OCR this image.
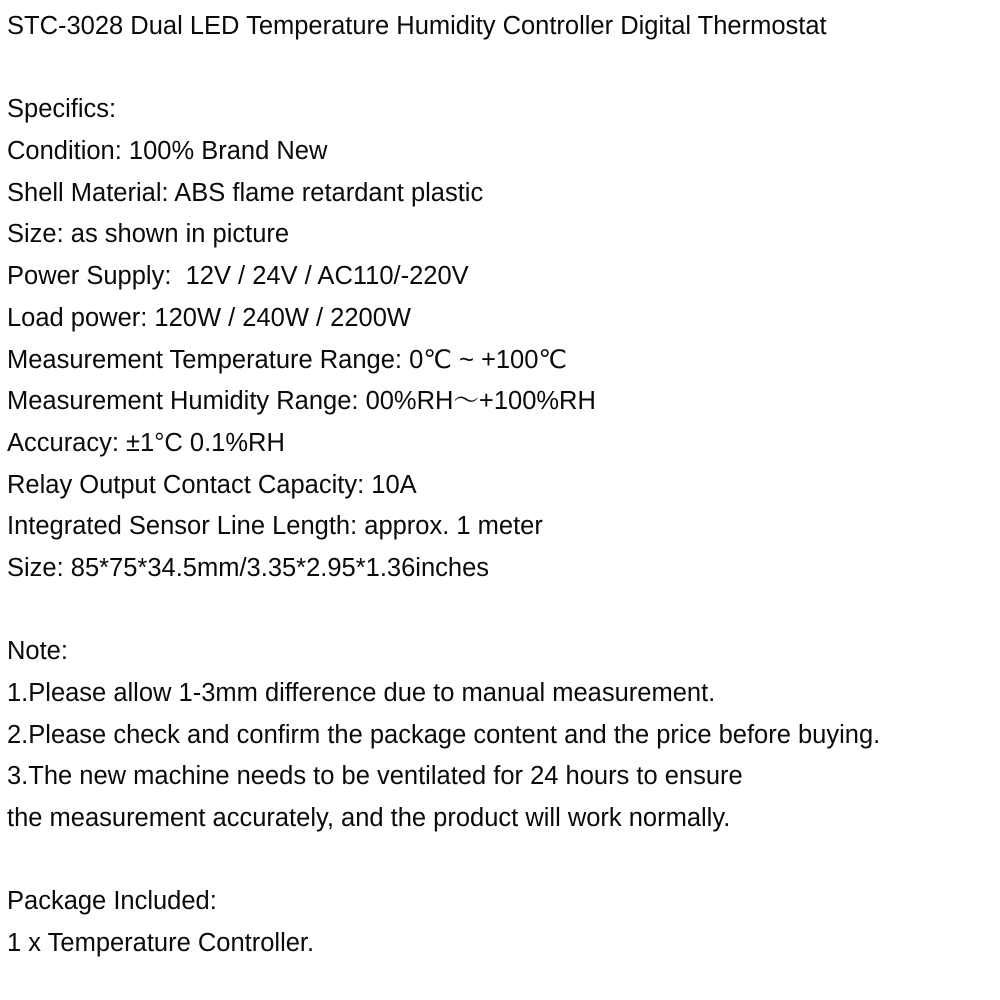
STC-3028 Dual LED Temperature Humidity Controller Digital Thermostat
Specifics:
Condition: 100% Brand New
Shell Material: ABS flame retardant plastic
Size: as shown in picture
Power Supply:  12V / 24V / AC110/-220V
Load power: 120W / 240W / 2200W
Measurement Temperature Range: 0℃ ~ +100℃
Measurement Humidity Range: 00%RH～+100%RH
Accuracy: ±1°C 0.1%RH
Relay Output Contact Capacity: 10A
Integrated Sensor Line Length: approx. 1 meter
Size: 85*75*34.5mm/3.35*2.95*1.36inches
Note:
1.Please allow 1-3mm difference due to manual measurement.
2.Please check and confirm the package content and the price before buying.
3.The new machine needs to be ventilated for 24 hours to ensure
the measurement accurately, and the product will work normally.
Package Included:
1 x Temperature Controller.
